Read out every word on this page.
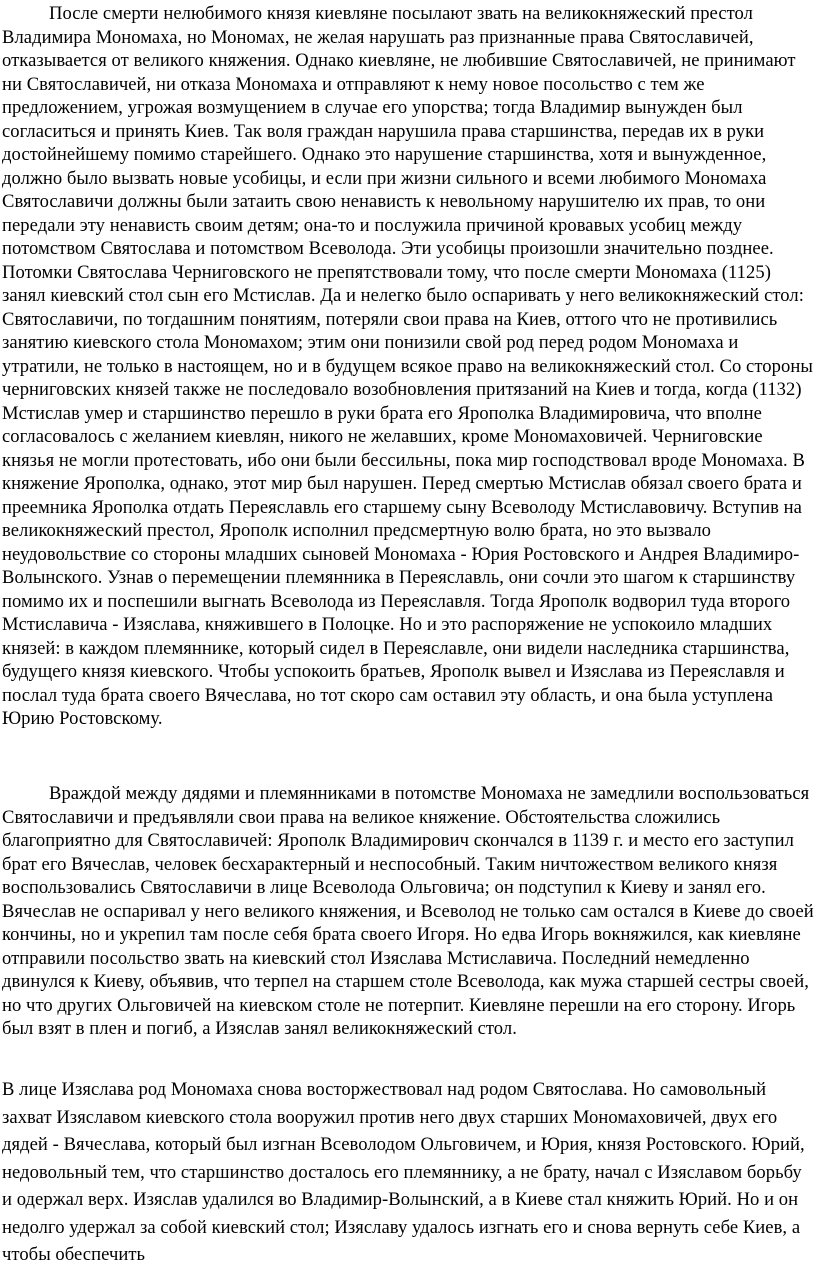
После смерти нелюбимого князя киевляне посылают звать на великокняжеский престол Владимира Мономаха, но Мономах, не желая нарушать раз признанные права Святославичей, отказывается от великого княжения. Однако киевляне, не любившие Святославичей, не принимают ни Святославичей, ни отказа Мономаха и отправляют к нему новое посольство с тем же предложением, угрожая возмущением в случае его упорства; тогда Владимир вынужден был согласиться и принять Киев. Так воля граждан нарушила права старшинства, передав их в руки достойнейшему помимо старейшего. Однако это нарушение старшинства, хотя и вынужденное, должно было вызвать новые усобицы, и если при жизни сильного и всеми любимого Мономаха Святославичи должны были затаить свою ненависть к невольному нарушителю их прав, то они передали эту ненависть своим детям; она-то и послужила причиной кровавых усобиц между потомством Святослава и потомством Всеволода. Эти усобицы произошли значительно позднее. Потомки Святослава Черниговского не препятствовали тому, что после смерти Мономаха (1125) занял киевский стол сын его Мстислав. Да и нелегко было оспаривать у него великокняжеский стол: Святославичи, по тогдашним понятиям, потеряли свои права на Киев, оттого что не противились занятию киевского стола Мономахом; этим они понизили свой род перед родом Мономаха и утратили, не только в настоящем, но и в будущем всякое право на великокняжеский стол. Со стороны черниговских князей также не последовало возобновления притязаний на Киев и тогда, когда (1132) Мстислав умер и старшинство перешло в руки брата его Ярополка Владимировича, что вполне согласовалось с желанием киевлян, никого не желавших, кроме Мономаховичей. Черниговские князья не могли протестовать, ибо они были бессильны, пока мир господствовал вроде Мономаха. В княжение Ярополка, однако, этот мир был нарушен. Перед смертью Мстислав обязал своего брата и преемника Ярополка отдать Переяславль его старшему сыну Всеволоду Мстиславовичу. Вступив на великокняжеский престол, Ярополк исполнил предсмертную волю брата, но это вызвало неудовольствие со стороны младших сыновей Мономаха - Юрия Ростовского и Андрея Владимиро-Волынского. Узнав о перемещении племянника в Переяславль, они сочли это шагом к старшинству помимо их и поспешили выгнать Всеволода из Переяславля. Тогда Ярополк водворил туда второго Мстиславича - Изяслава, княжившего в Полоцке. Но и это распоряжение не успокоило младших князей: в каждом племяннике, который сидел в Переяславле, они видели наследника старшинства, будущего князя киевского. Чтобы успокоить братьев, Ярополк вывел и Изяслава из Переяславля и послал туда брата своего Вячеслава, но тот скоро сам оставил эту область, и она была уступлена Юрию Ростовскому.

Враждой между дядями и племянниками в потомстве Мономаха не замедлили воспользоваться Святославичи и предъявляли свои права на великое княжение. Обстоятельства сложились благоприятно для Святославичей: Ярополк Владимирович скончался в 1139 г. и место его заступил брат его Вячеслав, человек бесхарактерный и неспособный. Таким ничтожеством великого князя воспользовались Святославичи в лице Всеволода Ольговича; он подступил к Киеву и занял его. Вячеслав не оспаривал у него великого княжения, и Всеволод не только сам остался в Киеве до своей кончины, но и укрепил там после себя брата своего Игоря. Но едва Игорь вокняжился, как киевляне отправили посольство звать на киевский стол Изяслава Мстиславича. Последний немедленно двинулся к Киеву, объявив, что терпел на старшем столе Всеволода, как мужа старшей сестры своей, но что других Ольговичей на киевском столе не потерпит. Киевляне перешли на его сторону. Игорь был взят в плен и погиб, а Изяслав занял великокняжеский стол.

В лице Изяслава род Мономаха снова восторжествовал над родом Святослава. Но самовольный захват Изяславом киевского стола вооружил против него двух старших Мономаховичей, двух его дядей - Вячеслава, который был изгнан Всеволодом Ольговичем, и Юрия, князя Ростовского. Юрий, недовольный тем, что старшинство досталось его племяннику, а не брату, начал с Изяславом борьбу и одержал верх. Изяслав удалился во Владимир-Волынский, а в Киеве стал княжить Юрий. Но и он недолго удержал за собой киевский стол; Изяславу удалось изгнать его и снова вернуть себе Киев, а чтобы обеспечить
